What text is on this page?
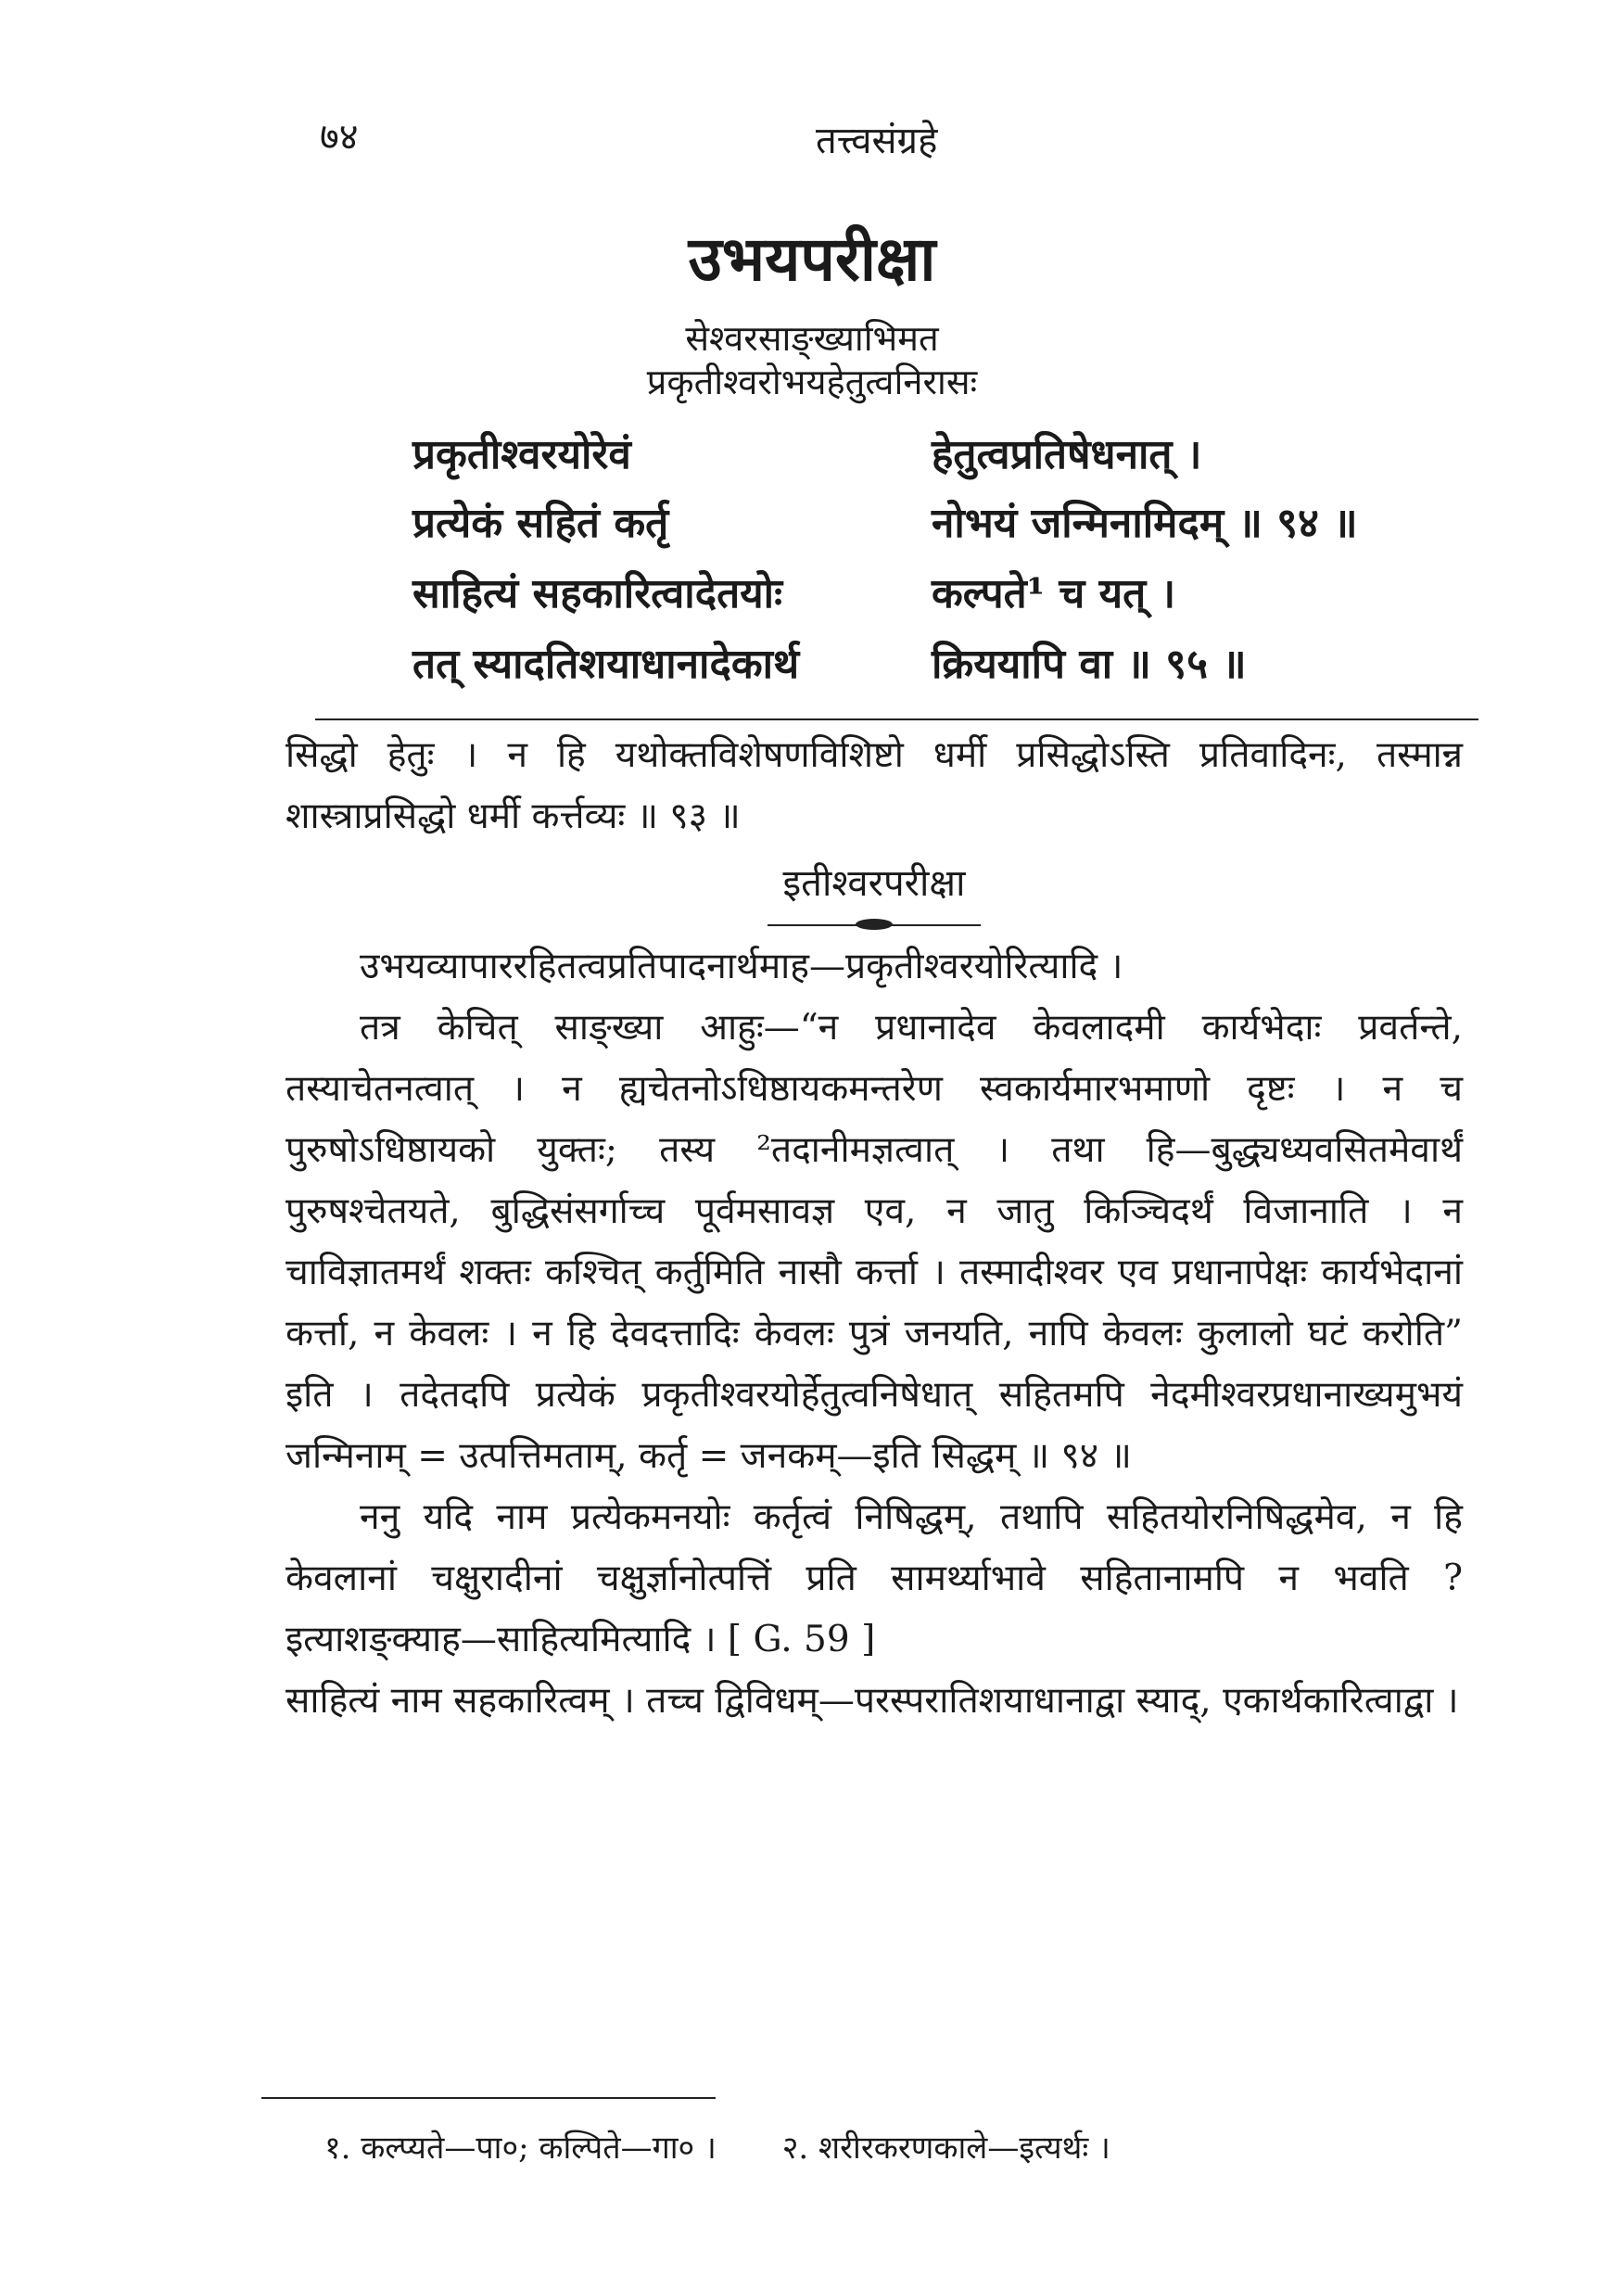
७४	तत्त्वसंग्रहे
उभयपरीक्षा
सेश्वरसाङ्ख्याभिमत
प्रकृतीश्वरोभयहेतुत्वनिरासः
प्रकृतीश्वरयोरेवं	हेतुत्वप्रतिषेधनात् ।
प्रत्येकं सहितं कर्तृ	नोभयं जन्मिनामिदम् ॥ ९४ ॥
साहित्यं सहकारित्वादेतयोः	कल्पते¹ च यत् ।
तत् स्यादतिशयाधानादेकार्थ	क्रिययापि वा ॥ ९५ ॥

सिद्धो हेतुः । न हि यथोक्तविशेषणविशिष्टो धर्मी प्रसिद्धोऽस्ति प्रतिवादिनः, तस्मान्न शास्त्राप्रसिद्धो धर्मी कर्त्तव्यः ॥ ९३ ॥

इतीश्वरपरीक्षा

उभयव्यापाररहितत्वप्रतिपादनार्थमाह—प्रकृतीश्वरयोरित्यादि ।

तत्र केचित् साङ्ख्या आहुः—“न प्रधानादेव केवलादमी कार्यभेदाः प्रवर्तन्ते, तस्याचेतनत्वात् । न ह्यचेतनोऽधिष्ठायकमन्तरेण स्वकार्यमारभमाणो दृष्टः । न च पुरुषोऽधिष्ठायको युक्तः; तस्य ²तदानीमज्ञत्वात् । तथा हि—बुद्ध्यध्यवसितमेवार्थं पुरुषश्चेतयते, बुद्धिसंसर्गाच्च पूर्वमसावज्ञ एव, न जातु किञ्चिदर्थं विजानाति । न चाविज्ञातमर्थं शक्तः कश्चित् कर्तुमिति नासौ कर्त्ता । तस्मादीश्वर एव प्रधानापेक्षः कार्यभेदानां कर्त्ता, न केवलः । न हि देवदत्तादिः केवलः पुत्रं जनयति, नापि केवलः कुलालो घटं करोति” इति । तदेतदपि प्रत्येकं प्रकृतीश्वरयोर्हेतुत्वनिषेधात् सहितमपि नेदमीश्वरप्रधानाख्यमुभयं जन्मिनाम् = उत्पत्तिमताम्, कर्तृ = जनकम्—इति सिद्धम् ॥ ९४ ॥

ननु यदि नाम प्रत्येकमनयोः कर्तृत्वं निषिद्धम्, तथापि सहितयोरनिषिद्धमेव, न हि केवलानां चक्षुरादीनां चक्षुर्ज्ञानोत्पत्तिं प्रति सामर्थ्याभावे सहितानामपि न भवति ? इत्याशङ्क्याह—साहित्यमित्यादि । [ G. 59 ]

साहित्यं नाम सहकारित्वम् । तच्च द्विविधम्—परस्परातिशयाधानाद्वा स्याद्, एकार्थकारित्वाद्वा ।

१. कल्प्यते—पा०; कल्पिते—गा० । २. शरीरकरणकाले—इत्यर्थः ।
